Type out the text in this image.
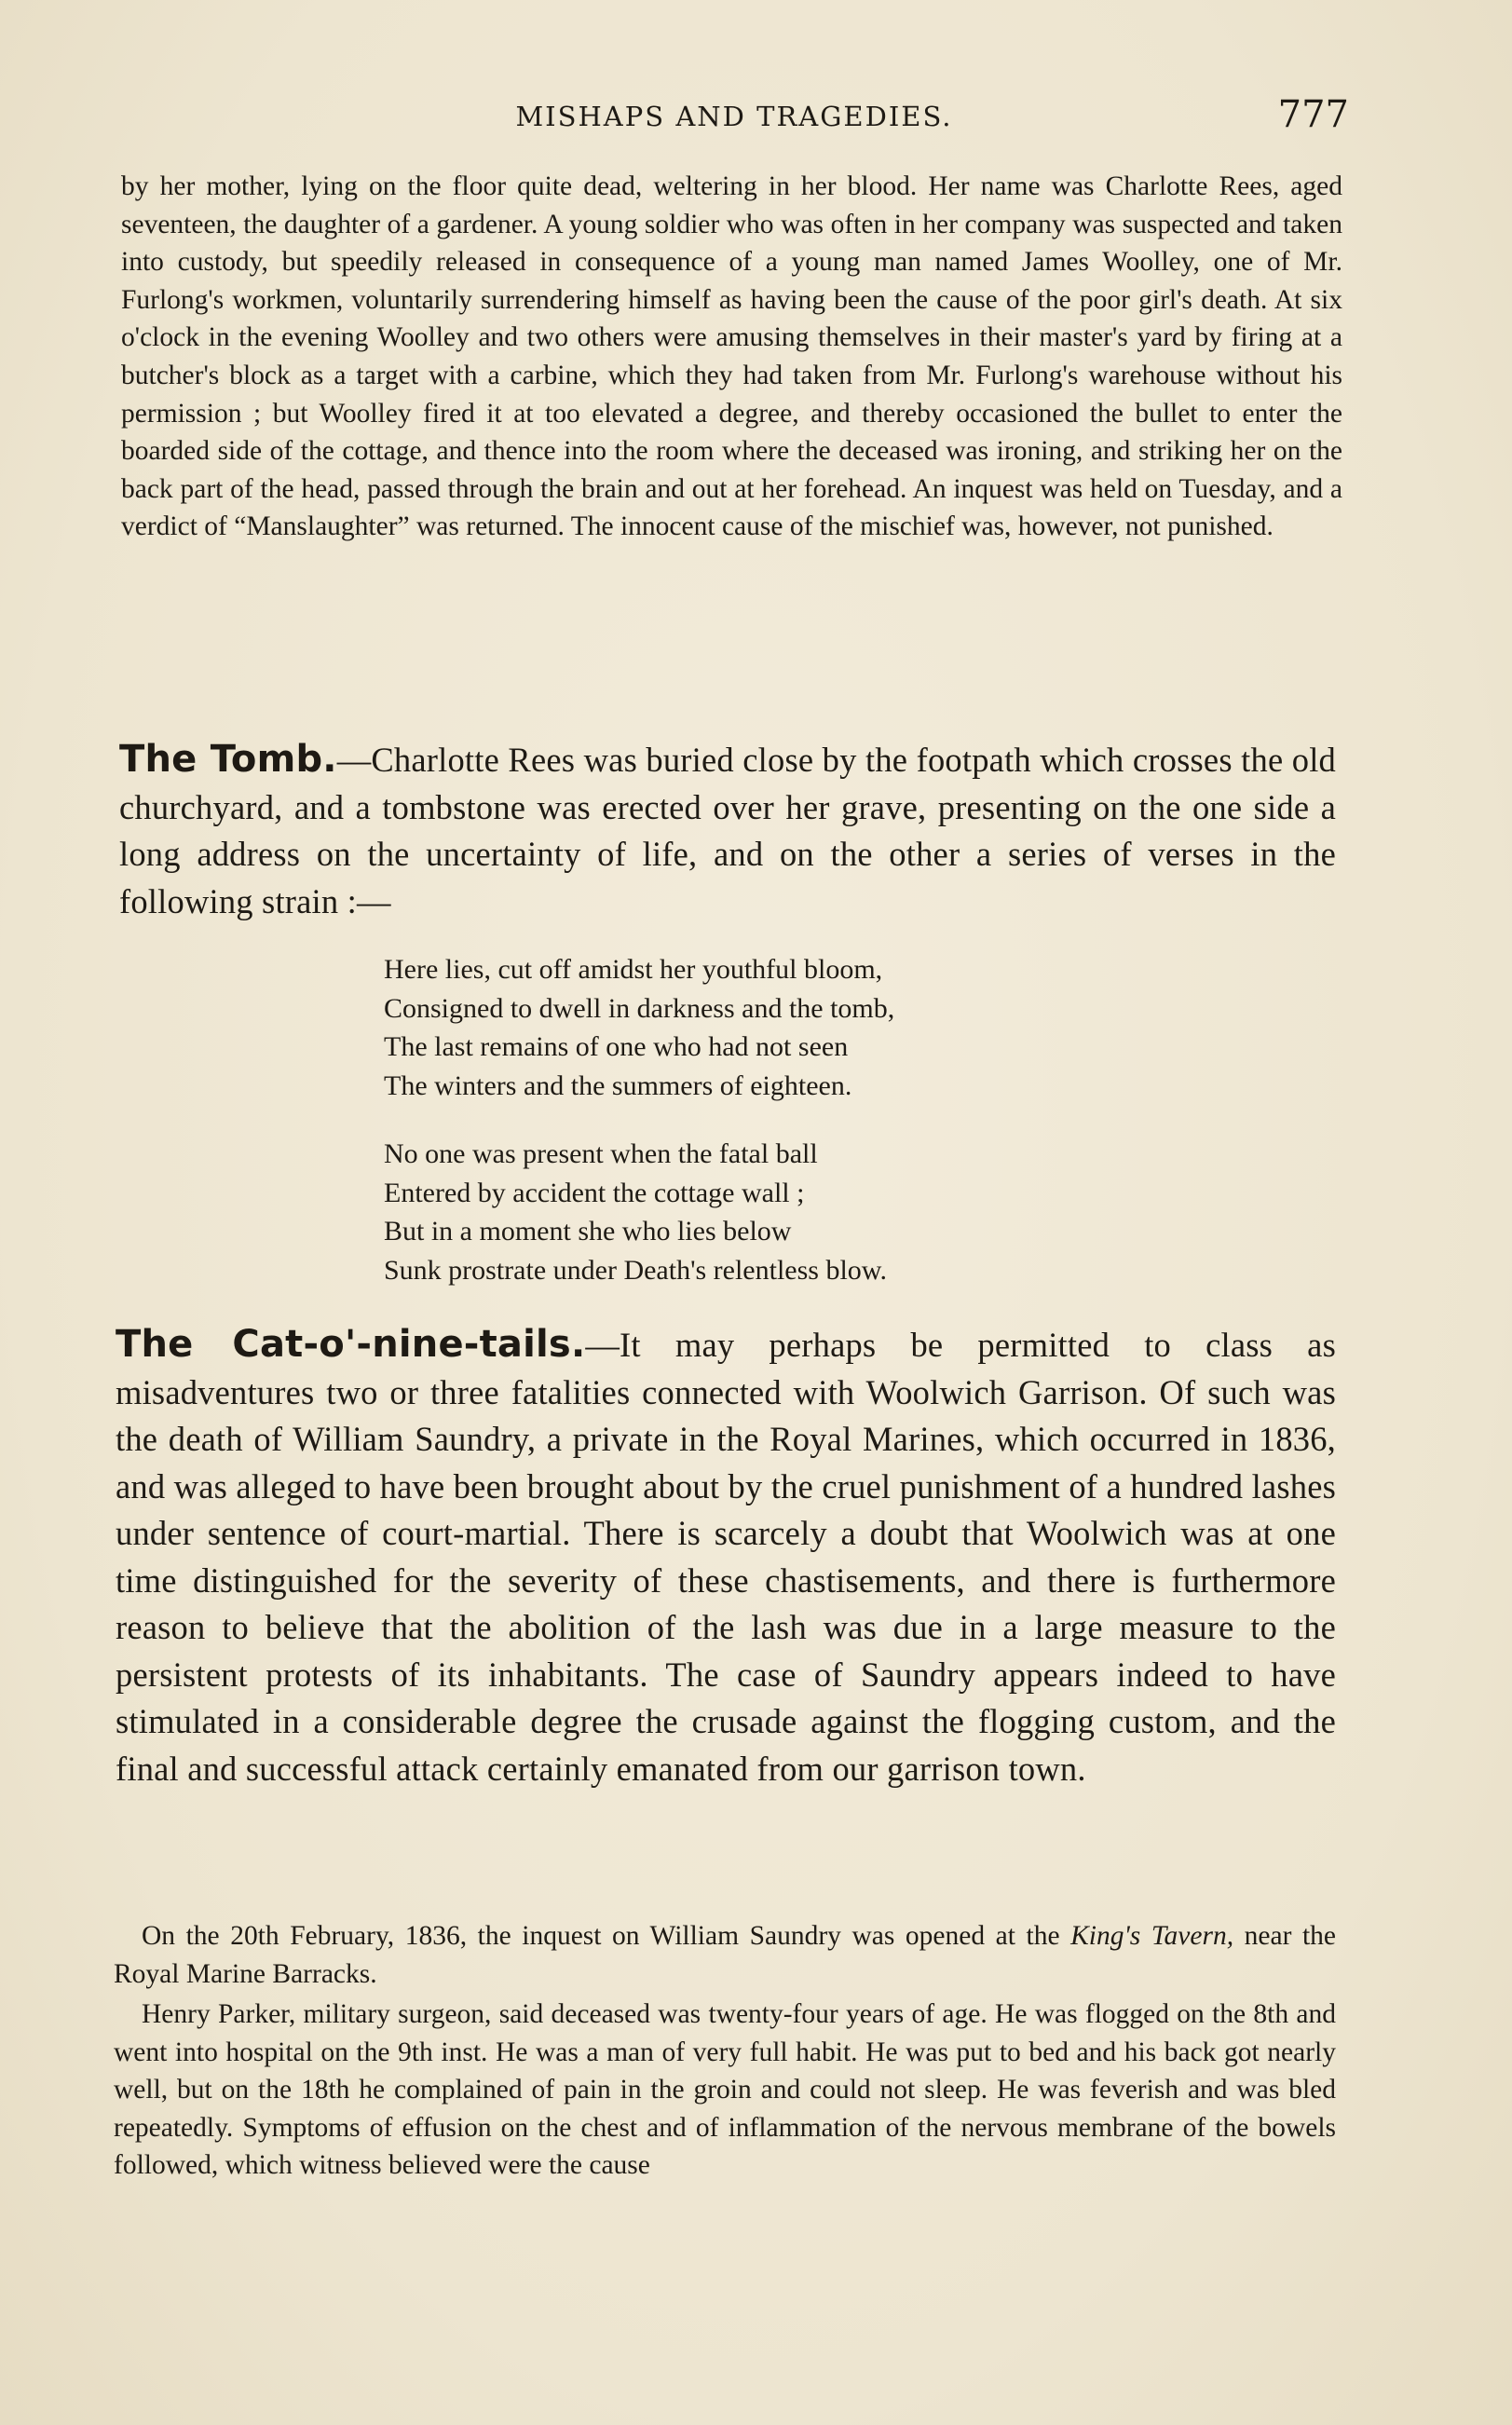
MISHAPS AND TRAGEDIES.	777
by her mother, lying on the floor quite dead, weltering in her blood. Her name was Charlotte Rees, aged seventeen, the daughter of a gardener. A young soldier who was often in her company was suspected and taken into custody, but speedily released in consequence of a young man named James Woolley, one of Mr. Furlong's workmen, voluntarily surrendering himself as having been the cause of the poor girl's death. At six o'clock in the evening Woolley and two others were amusing themselves in their master's yard by firing at a butcher's block as a target with a carbine, which they had taken from Mr. Furlong's warehouse without his permission ; but Woolley fired it at too elevated a degree, and thereby occasioned the bullet to enter the boarded side of the cottage, and thence into the room where the deceased was ironing, and striking her on the back part of the head, passed through the brain and out at her forehead. An inquest was held on Tuesday, and a verdict of “Manslaughter” was returned. The innocent cause of the mischief was, however, not punished.
The Tomb.—Charlotte Rees was buried close by the footpath which crosses the old churchyard, and a tombstone was erected over her grave, presenting on the one side a long address on the uncertainty of life, and on the other a series of verses in the following strain :—
Here lies, cut off amidst her youthful bloom,
Consigned to dwell in darkness and the tomb,
The last remains of one who had not seen
The winters and the summers of eighteen.
No one was present when the fatal ball
Entered by accident the cottage wall ;
But in a moment she who lies below
Sunk prostrate under Death's relentless blow.
The Cat-o'-nine-tails.—It may perhaps be permitted to class as misadventures two or three fatalities connected with Woolwich Garrison. Of such was the death of William Saundry, a private in the Royal Marines, which occurred in 1836, and was alleged to have been brought about by the cruel punishment of a hundred lashes under sentence of court-martial. There is scarcely a doubt that Woolwich was at one time distinguished for the severity of these chastisements, and there is furthermore reason to believe that the abolition of the lash was due in a large measure to the persistent protests of its inhabitants. The case of Saundry appears indeed to have stimulated in a considerable degree the crusade against the flogging custom, and the final and successful attack certainly emanated from our garrison town.
On the 20th February, 1836, the inquest on William Saundry was opened at the King's Tavern, near the Royal Marine Barracks.
Henry Parker, military surgeon, said deceased was twenty-four years of age. He was flogged on the 8th and went into hospital on the 9th inst. He was a man of very full habit. He was put to bed and his back got nearly well, but on the 18th he complained of pain in the groin and could not sleep. He was feverish and was bled repeatedly. Symptoms of effusion on the chest and of inflammation of the nervous membrane of the bowels followed, which witness believed were the cause
